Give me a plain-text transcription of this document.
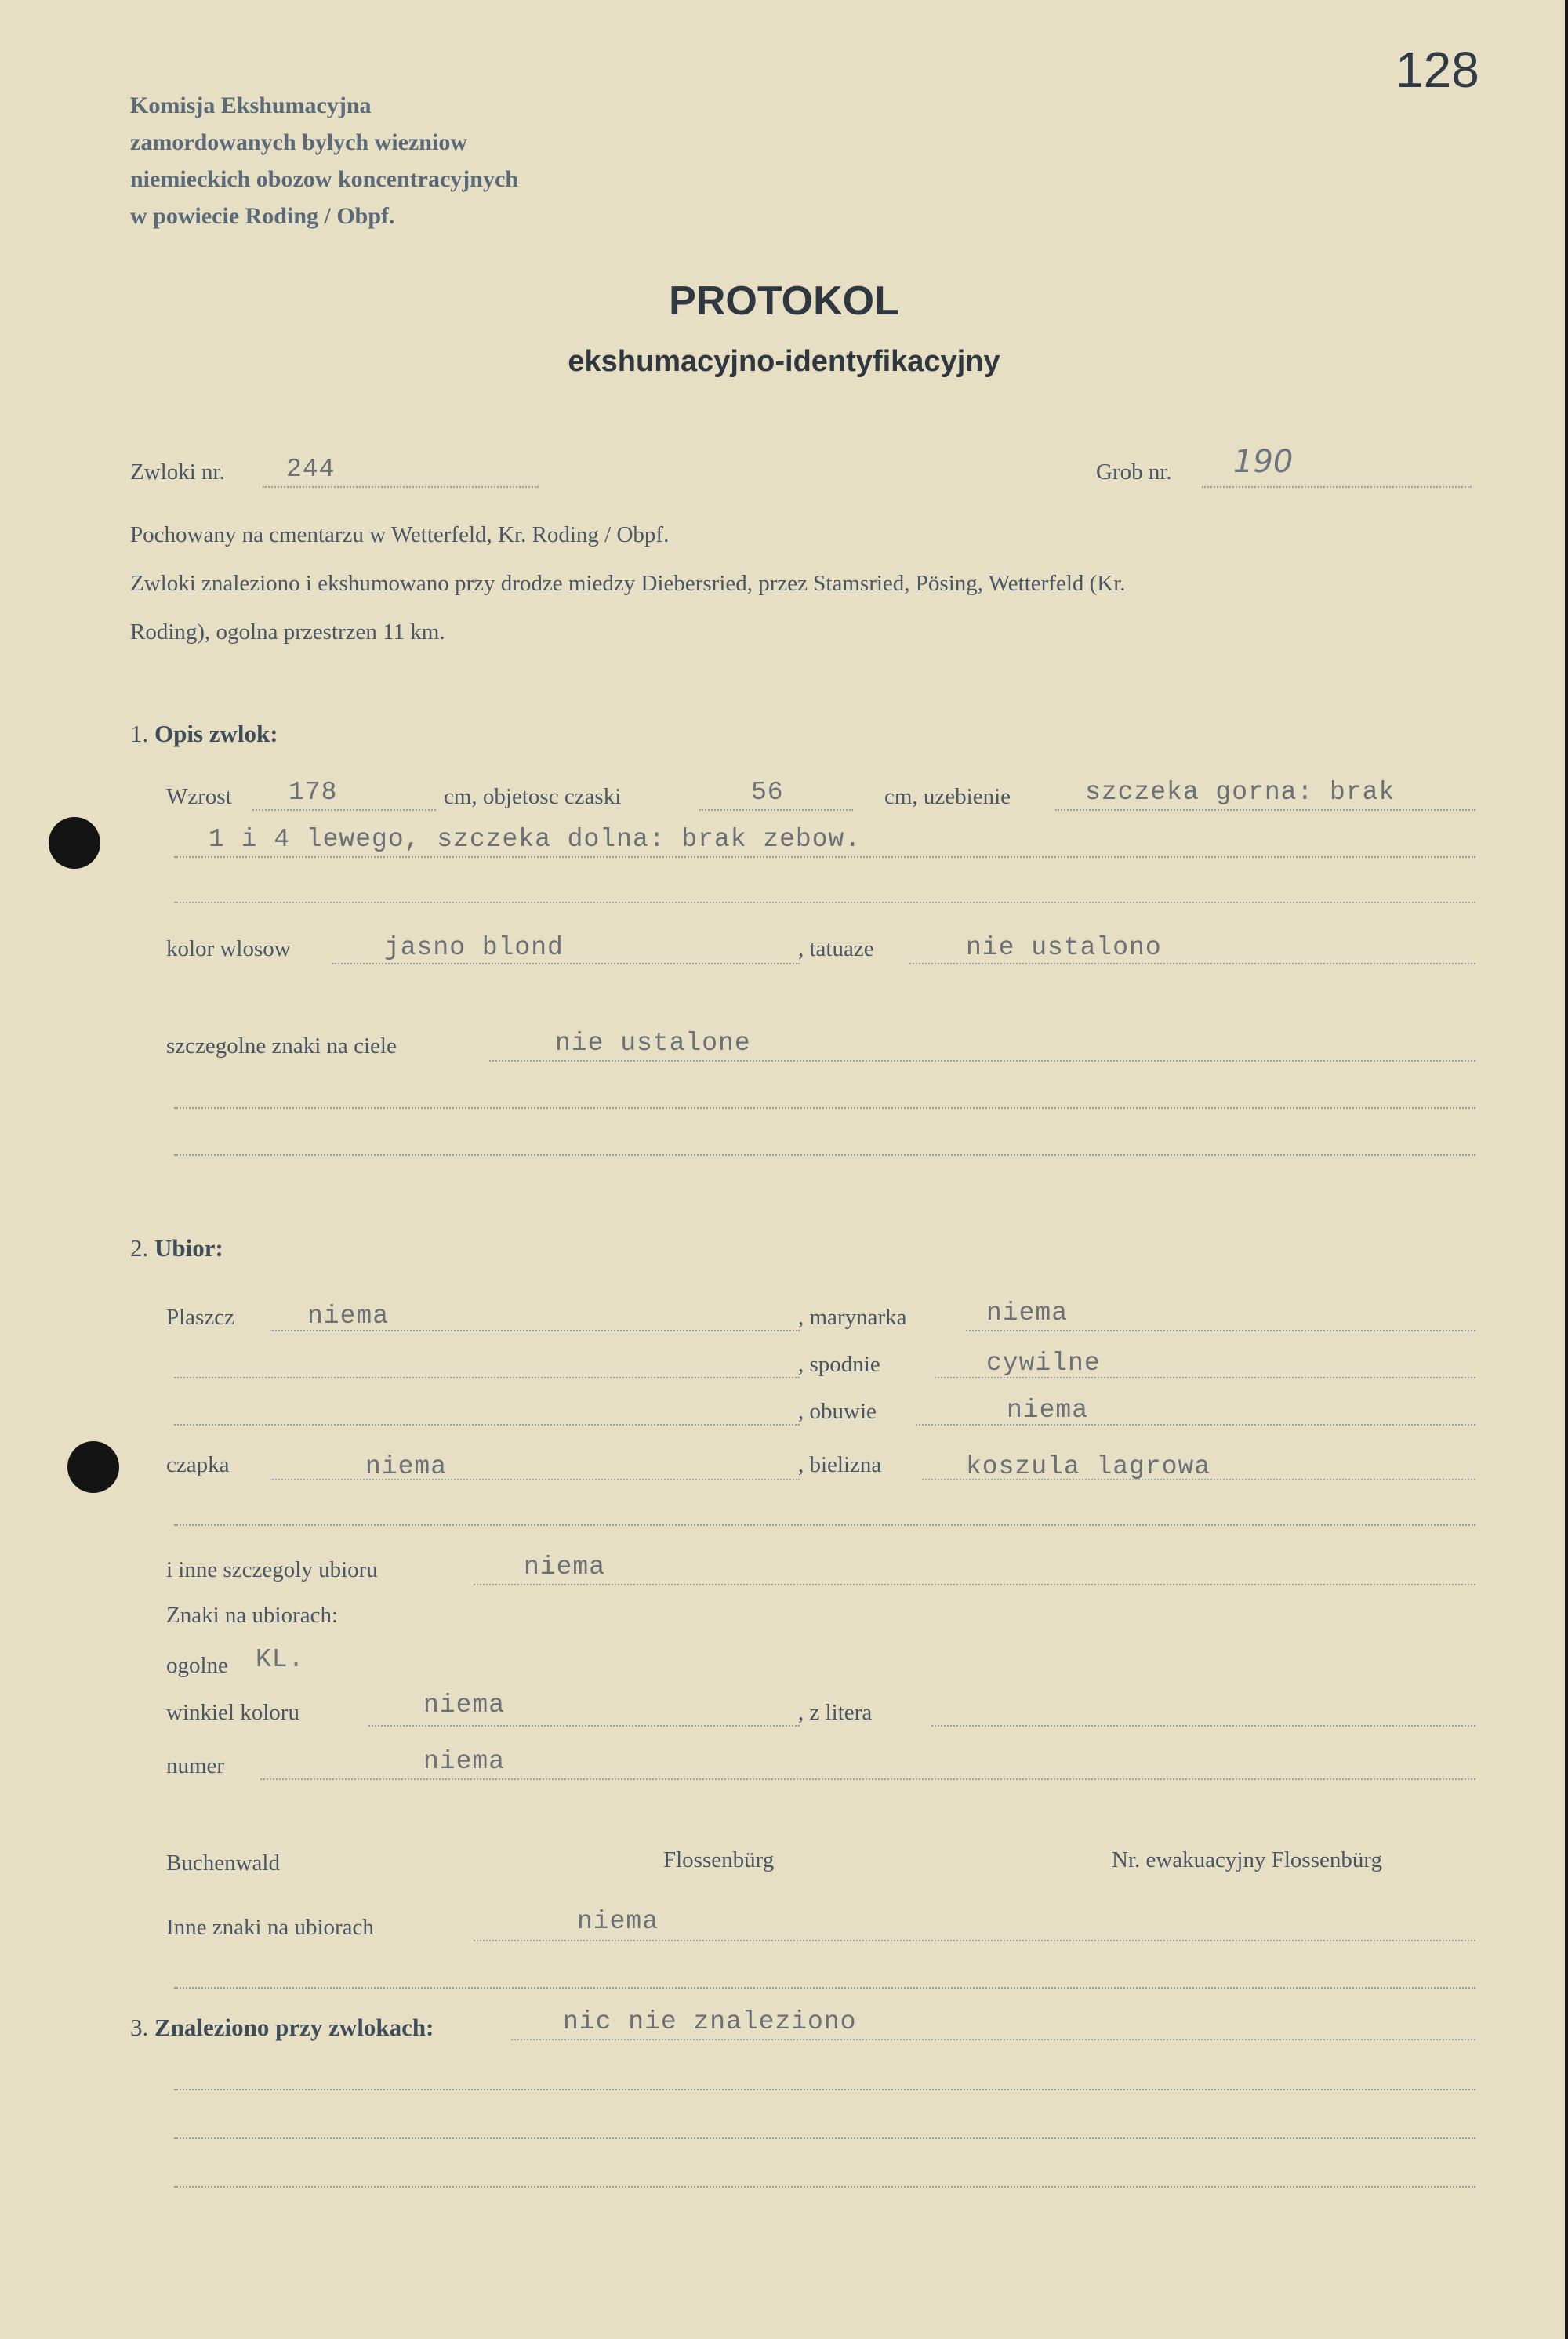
128
Komisja Ekshumacyjna
zamordowanych bylych wiezniow
niemieckich obozow koncentracyjnych
w powiecie Roding / Obpf.
PROTOKOL
ekshumacyjno-identyfikacyjny
Zwloki nr. 244	Grob nr. 190
Pochowany na cmentarzu w Wetterfeld, Kr. Roding / Obpf.
Zwloki znaleziono i ekshumowano przy drodze miedzy Diebersried, przez Stamsried, Pösing, Wetterfeld (Kr.
Roding), ogolna przestrzen 11 km.
1. Opis zwlok:
Wzrost 178	cm, objetosc czaski	56	cm, uzebienie	szczeka gorna: brak
1 i 4 lewego, szczeka dolna: brak zebow.
kolor wlosow	jasno blond	, tatuaze	nie ustalono
szczegolne znaki na ciele	nie ustalone
2. Ubior:
Plaszcz	niema	, marynarka	niema
, spodnie	cywilne
, obuwie	niema
czapka	niema	, bielizna	koszula lagrowa
i inne szczegoly ubioru	niema
Znaki na ubiorach:
ogolne KL.
winkiel koloru	niema	, z litera
numer	niema
Buchenwald	Flossenbürg	Nr. ewakuacyjny Flossenbürg
Inne znaki na ubiorach	niema
3. Znaleziono przy zwlokach:	nic nie znaleziono
